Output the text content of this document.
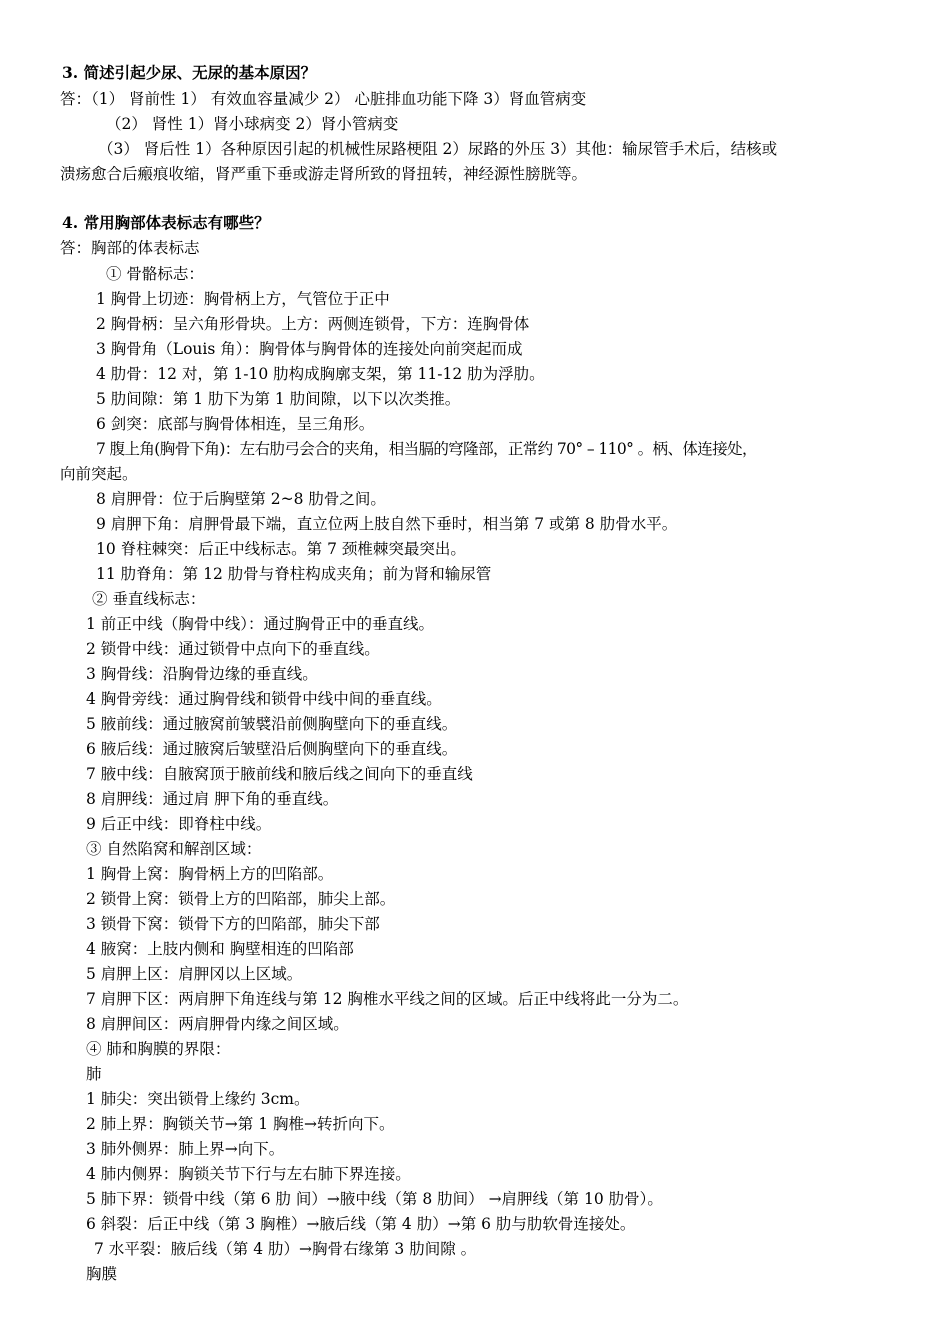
3. 简述引起少尿、无尿的基本原因？
答：（1） 肾前性 1） 有效血容量减少 2） 心脏排血功能下降 3）肾血管病变
（2） 肾性 1）肾小球病变 2）肾小管病变
（3） 肾后性 1）各种原因引起的机械性尿路梗阻 2）尿路的外压 3）其他：输尿管手术后，结核或
溃疡愈合后瘢痕收缩，肾严重下垂或游走肾所致的肾扭转，神经源性膀胱等。
4. 常用胸部体表标志有哪些？
答：胸部的体表标志
① 骨骼标志：
1 胸骨上切迹：胸骨柄上方，气管位于正中
2 胸骨柄：呈六角形骨块。上方：两侧连锁骨，下方：连胸骨体
3 胸骨角（Louis 角）：胸骨体与胸骨体的连接处向前突起而成
4 肋骨：12 对，第 1-10 肋构成胸廓支架，第 11-12 肋为浮肋。
5 肋间隙：第 1 肋下为第 1 肋间隙，以下以次类推。
6 剑突：底部与胸骨体相连，呈三角形。
7 腹上角(胸骨下角)：左右肋弓会合的夹角，相当膈的穹隆部，正常约 70° – 110° 。柄、体连接处，
向前突起。
8 肩胛骨：位于后胸壁第 2~8 肋骨之间。
9 肩胛下角：肩胛骨最下端，直立位两上肢自然下垂时，相当第 7 或第 8 肋骨水平。
10 脊柱棘突：后正中线标志。第 7 颈椎棘突最突出。
11 肋脊角：第 12 肋骨与脊柱构成夹角；前为肾和输尿管
② 垂直线标志：
1 前正中线（胸骨中线）：通过胸骨正中的垂直线。
2 锁骨中线：通过锁骨中点向下的垂直线。
3 胸骨线：沿胸骨边缘的垂直线。
4 胸骨旁线：通过胸骨线和锁骨中线中间的垂直线。
5 腋前线：通过腋窝前皱襞沿前侧胸壁向下的垂直线。
6 腋后线：通过腋窝后皱壁沿后侧胸壁向下的垂直线。
7 腋中线：自腋窝顶于腋前线和腋后线之间向下的垂直线
8 肩胛线：通过肩 胛下角的垂直线。
9 后正中线：即脊柱中线。
③ 自然陷窝和解剖区域：
1 胸骨上窝：胸骨柄上方的凹陷部。
2 锁骨上窝：锁骨上方的凹陷部，肺尖上部。
3 锁骨下窝：锁骨下方的凹陷部，肺尖下部
4 腋窝：上肢内侧和 胸壁相连的凹陷部
5 肩胛上区：肩胛冈以上区域。
7 肩胛下区：两肩胛下角连线与第 12 胸椎水平线之间的区域。后正中线将此一分为二。
8 肩胛间区：两肩胛骨内缘之间区域。
④ 肺和胸膜的界限：
肺
1 肺尖：突出锁骨上缘约 3cm。
2 肺上界：胸锁关节→第 1 胸椎→转折向下。
3 肺外侧界：肺上界→向下。
4 肺内侧界：胸锁关节下行与左右肺下界连接。
5 肺下界：锁骨中线（第 6 肋 间）→腋中线（第 8 肋间） →肩胛线（第 10 肋骨）。
6 斜裂：后正中线（第 3 胸椎）→腋后线（第 4 肋）→第 6 肋与肋软骨连接处。
7 水平裂：腋后线（第 4 肋）→胸骨右缘第 3 肋间隙 。
胸膜
